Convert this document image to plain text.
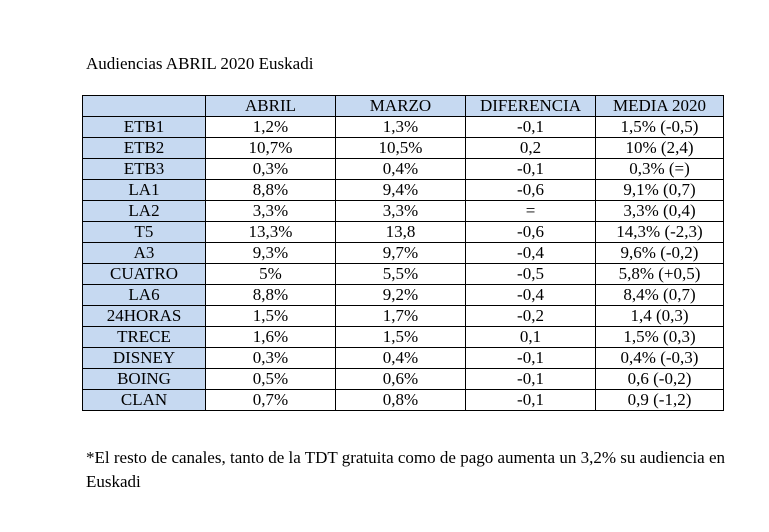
Audiencias ABRIL 2020 Euskadi
	ABRIL	MARZO	DIFERENCIA	MEDIA 2020
ETB1	1,2%	1,3%	-0,1	1,5% (-0,5)
ETB2	10,7%	10,5%	0,2	10% (2,4)
ETB3	0,3%	0,4%	-0,1	0,3% (=)
LA1	8,8%	9,4%	-0,6	9,1% (0,7)
LA2	3,3%	3,3%	=	3,3% (0,4)
T5	13,3%	13,8	-0,6	14,3% (-2,3)
A3	9,3%	9,7%	-0,4	9,6% (-0,2)
CUATRO	5%	5,5%	-0,5	5,8% (+0,5)
LA6	8,8%	9,2%	-0,4	8,4% (0,7)
24HORAS	1,5%	1,7%	-0,2	1,4 (0,3)
TRECE	1,6%	1,5%	0,1	1,5% (0,3)
DISNEY	0,3%	0,4%	-0,1	0,4% (-0,3)
BOING	0,5%	0,6%	-0,1	0,6 (-0,2)
CLAN	0,7%	0,8%	-0,1	0,9 (-1,2)
*El resto de canales, tanto de la TDT gratuita como de pago aumenta un 3,2% su audiencia en Euskadi
